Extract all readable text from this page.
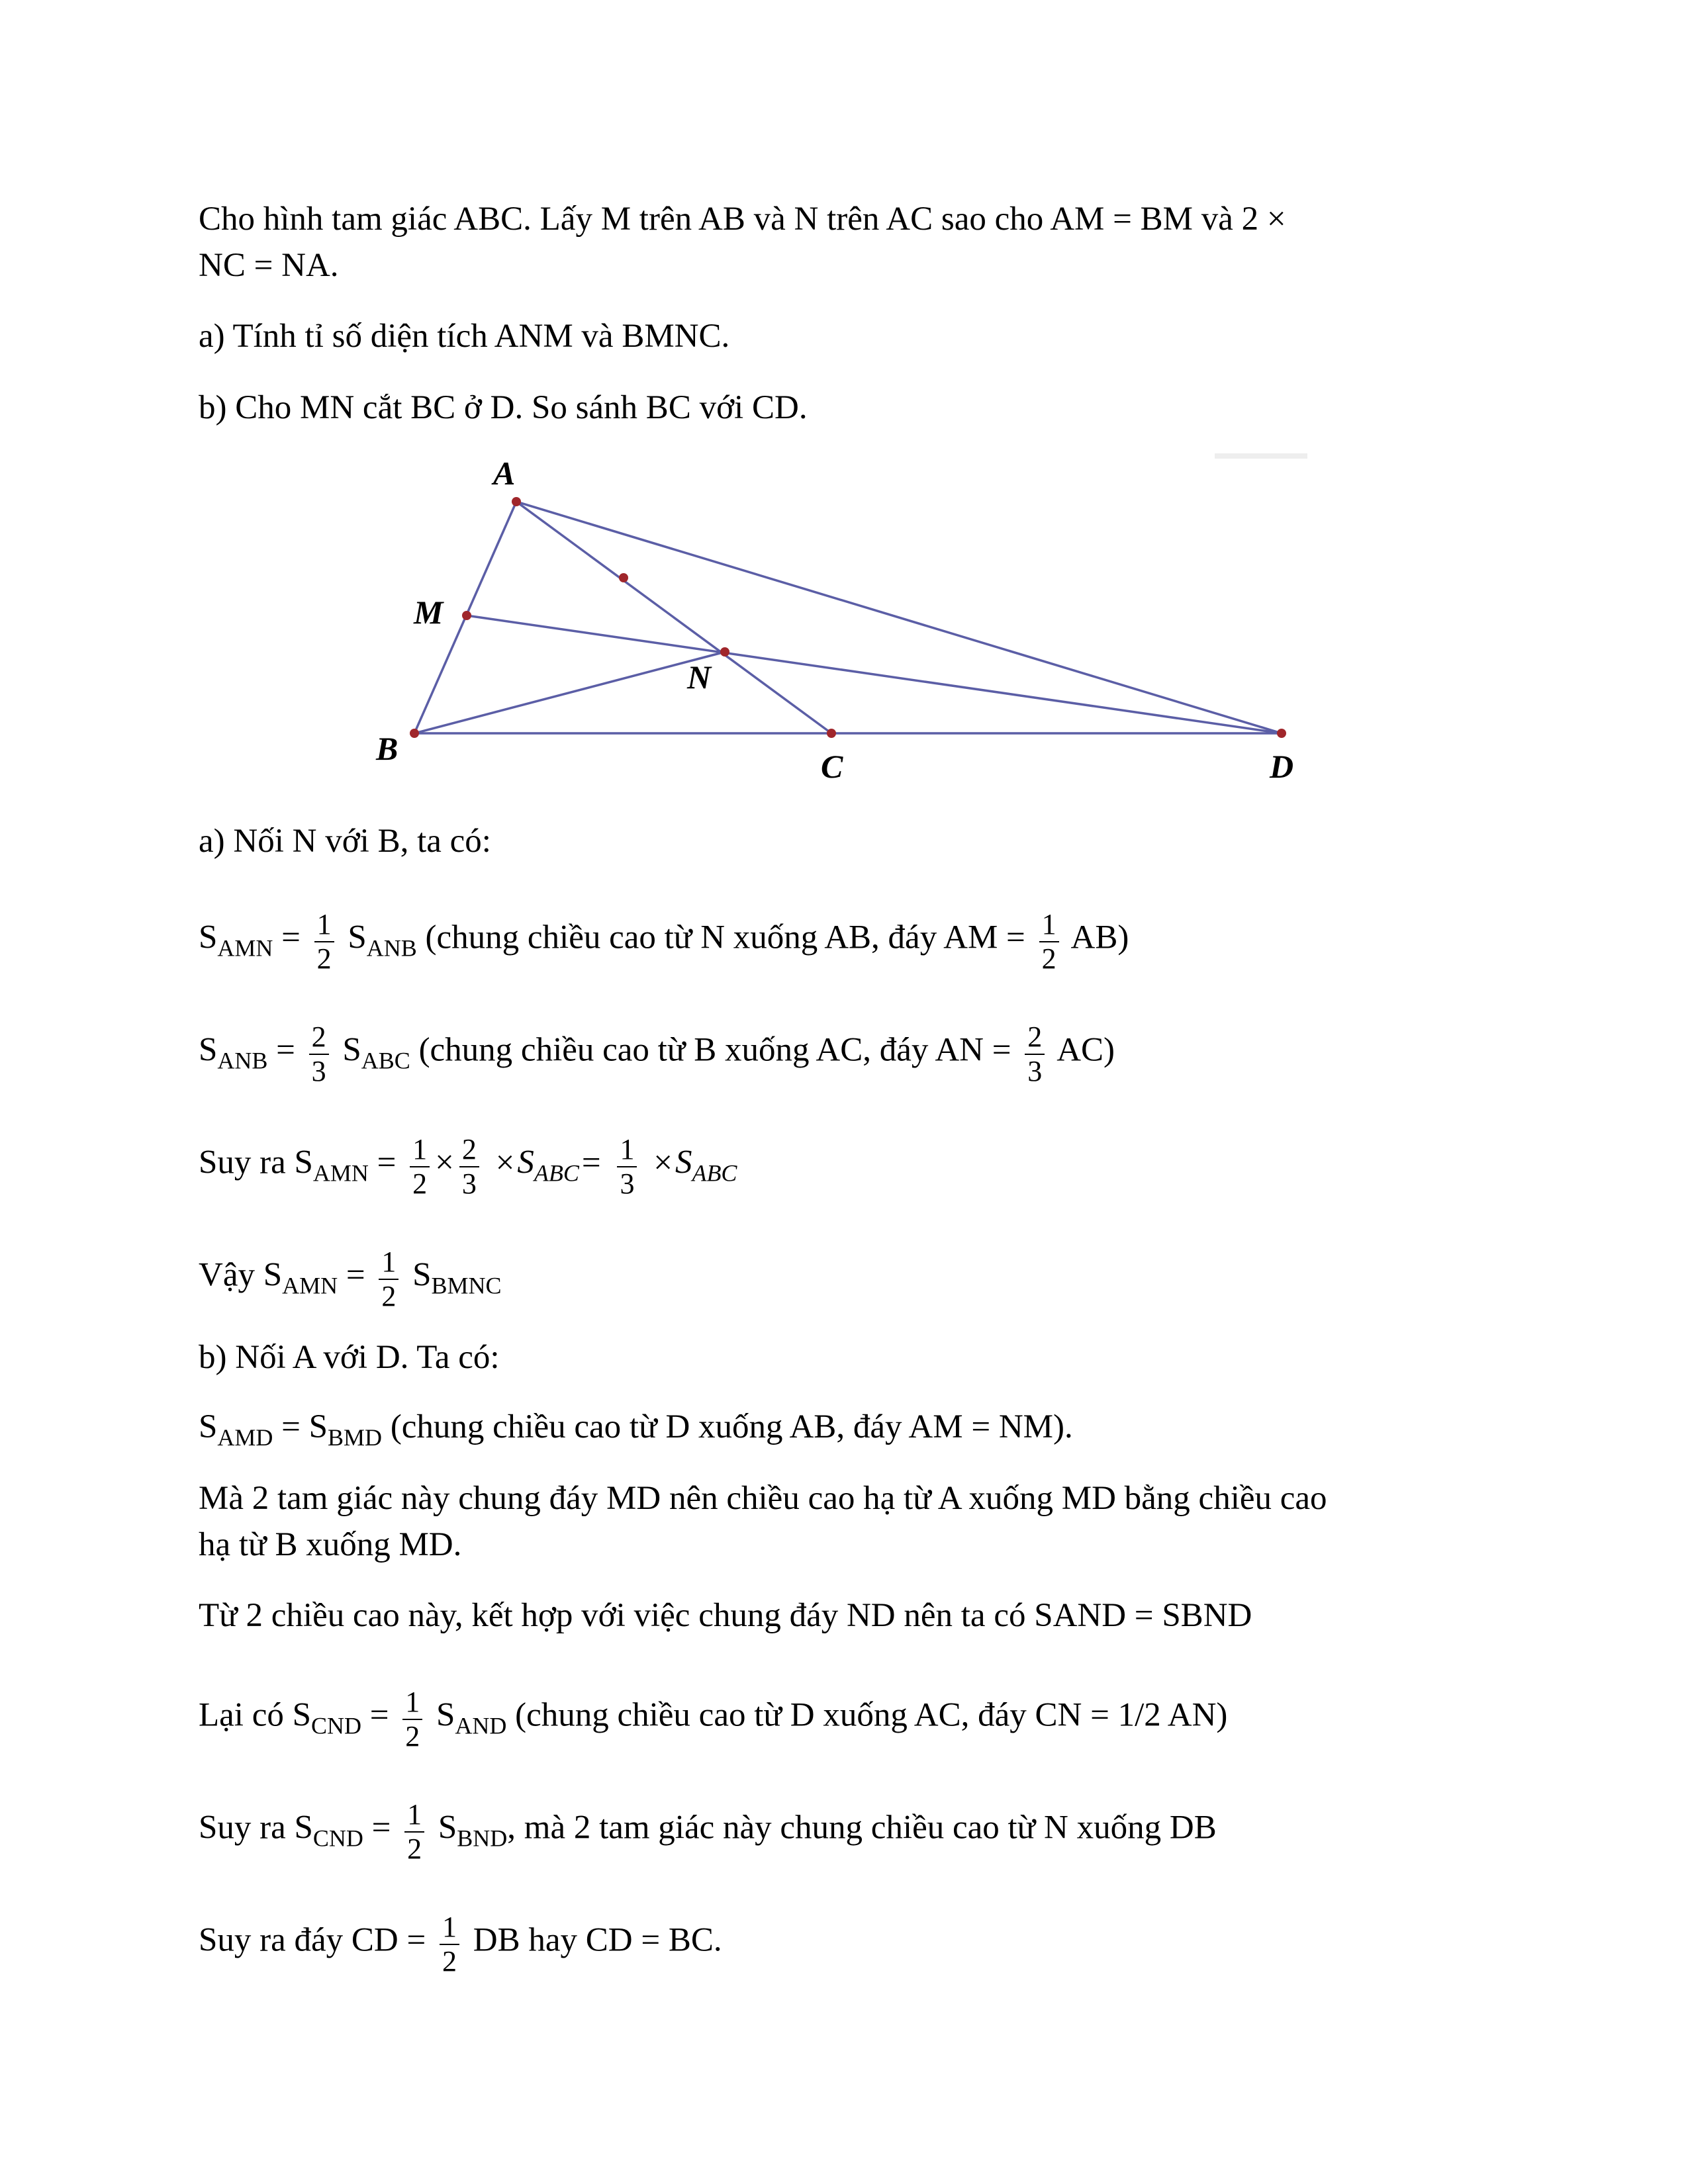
Cho hình tam giác ABC. Lấy M trên AB và N trên AC sao cho AM = BM và 2 ×
NC = NA.
a) Tính tỉ số diện tích ANM và BMNC.
b) Cho MN cắt BC ở D. So sánh BC với CD.
A
M
N
B	C	D
a) Nối N với B, ta có:
$S_{AMN} = \frac{1}{2} S_{ANB}$ (chung chiều cao từ N xuống AB, đáy AM = $\frac{1}{2} AB$)
$S_{ANB} = \frac{2}{3} S_{ABC}$ (chung chiều cao từ B xuống AC, đáy AN = $\frac{2}{3} AC$)
Suy ra $S_{AMN} = \frac{1}{2} \times \frac{2}{3} \times S_{ABC}= \frac{1}{3} \times S_{ABC}$
Vậy $S_{AMN} = \frac{1}{2} S_{BMNC}$
b) Nối A với D. Ta có:
$S_{AMD} = S_{BMD}$ (chung chiều cao từ D xuống AB, đáy AM = NM).
Mà 2 tam giác này chung đáy MD nên chiều cao hạ từ A xuống MD bằng chiều cao
hạ từ B xuống MD.
Từ 2 chiều cao này, kết hợp với việc chung đáy ND nên ta có SAND = SBND
Lại có $S_{CND} = \frac{1}{2} S_{AND}$ (chung chiều cao từ D xuống AC, đáy CN = 1/2 AN)
Suy ra $S_{CND} = \frac{1}{2} S_{BND}$, mà 2 tam giác này chung chiều cao từ N xuống DB
Suy ra đáy CD = $\frac{1}{2}$ DB hay CD = BC.
